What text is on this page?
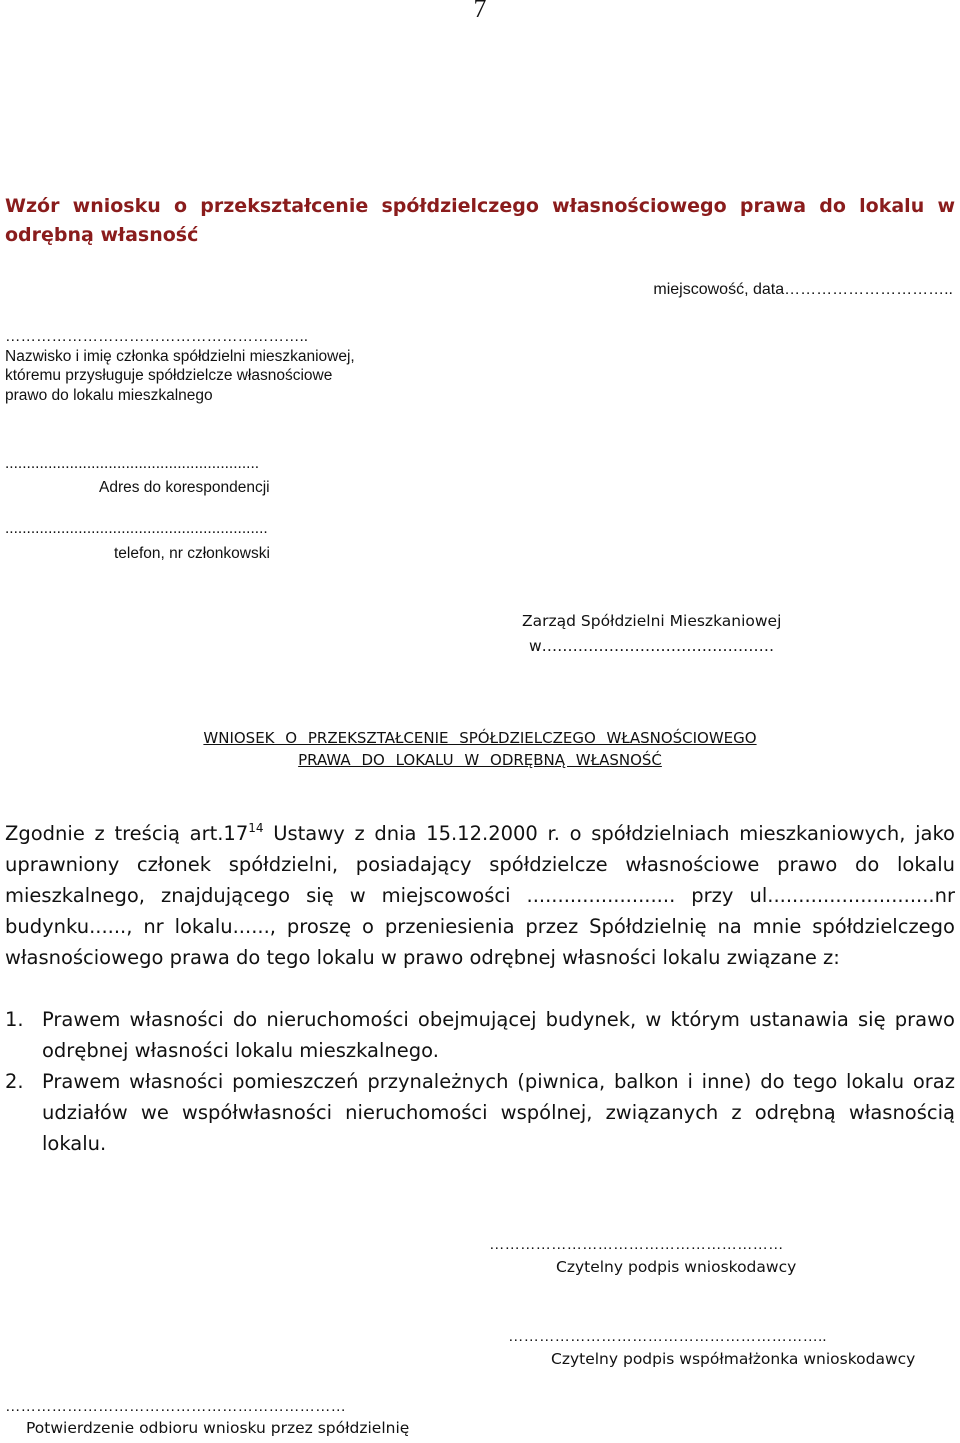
7
Wzór wniosku o przekształcenie spółdzielczego własnościowego prawa do lokalu w odrębną własność
miejscowość, data…………………………..
…………………………………………………..
Nazwisko i imię członka spółdzielni mieszkaniowej,
któremu przysługuje spółdzielcze własnościowe
prawo do lokalu mieszkalnego
...........................................................
Adres do korespondencji
.............................................................
telefon, nr członkowski
Zarząd Spółdzielni Mieszkaniowej
w………………………………………
WNIOSEK O PRZEKSZTAŁCENIE SPÓŁDZIELCZEGO WŁASNOŚCIOWEGO
PRAWA DO LOKALU W ODRĘBNĄ WŁASNOŚĆ
Zgodnie z treścią $art.17^{14}$ Ustawy z dnia 15.12.2000 r. o spółdzielniach mieszkaniowych, jako uprawniony członek spółdzielni, posiadający spółdzielcze własnościowe prawo do lokalu mieszkalnego, znajdującego się w miejscowości ........................ przy ul...........................nr budynku......, nr lokalu......, proszę o przeniesienia przez Spółdzielnię na mnie spółdzielczego własnościowego prawa do tego lokalu w prawo odrębnej własności lokalu związane z:
1. Prawem własności do nieruchomości obejmującej budynek, w którym ustanawia się prawo odrębnej własności lokalu mieszkalnego.
2. Prawem własności pomieszczeń przynależnych (piwnica, balkon i inne) do tego lokalu oraz udziałów we współwłasności nieruchomości wspólnej, związanych z odrębną własnością lokalu.
…………………………………………………
Czytelny podpis wnioskodawcy
……………………………………………………..
Czytelny podpis współmałżonka wnioskodawcy
…………………………………………………………
Potwierdzenie odbioru wniosku przez spółdzielnię
